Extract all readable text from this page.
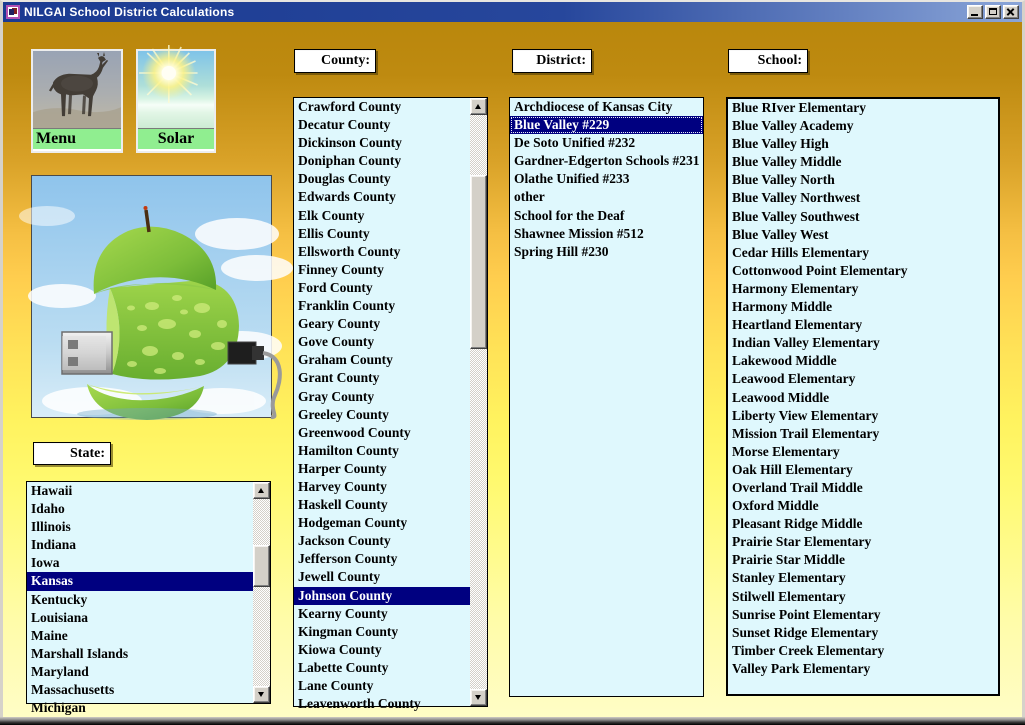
NILGAI School District Calculations
Menu	Solar
State:
County:	District:	School:
Hawaii
Idaho
Illinois
Indiana
Iowa
Kansas
Kentucky
Louisiana
Maine
Marshall Islands
Maryland
Massachusetts
Michigan
Crawford County
Decatur County
Dickinson County
Doniphan County
Douglas County
Edwards County
Elk County
Ellis County
Ellsworth County
Finney County
Ford County
Franklin County
Geary County
Gove County
Graham County
Grant County
Gray County
Greeley County
Greenwood County
Hamilton County
Harper County
Harvey County
Haskell County
Hodgeman County
Jackson County
Jefferson County
Jewell County
Johnson County
Kearny County
Kingman County
Kiowa County
Labette County
Lane County
Leavenworth County
Archdiocese of Kansas City
Blue Valley #229
De Soto Unified #232
Gardner-Edgerton Schools #231
Olathe Unified #233
other
School for the Deaf
Shawnee Mission #512
Spring Hill #230
Blue RIver Elementary
Blue Valley Academy
Blue Valley High
Blue Valley Middle
Blue Valley North
Blue Valley Northwest
Blue Valley Southwest
Blue Valley West
Cedar Hills Elementary
Cottonwood Point Elementary
Harmony Elementary
Harmony Middle
Heartland Elementary
Indian Valley Elementary
Lakewood Middle
Leawood Elementary
Leawood Middle
Liberty View Elementary
Mission Trail Elementary
Morse Elementary
Oak Hill Elementary
Overland Trail Middle
Oxford Middle
Pleasant Ridge Middle
Prairie Star Elementary
Prairie Star Middle
Stanley Elementary
Stilwell Elementary
Sunrise Point Elementary
Sunset Ridge Elementary
Timber Creek Elementary
Valley Park Elementary
